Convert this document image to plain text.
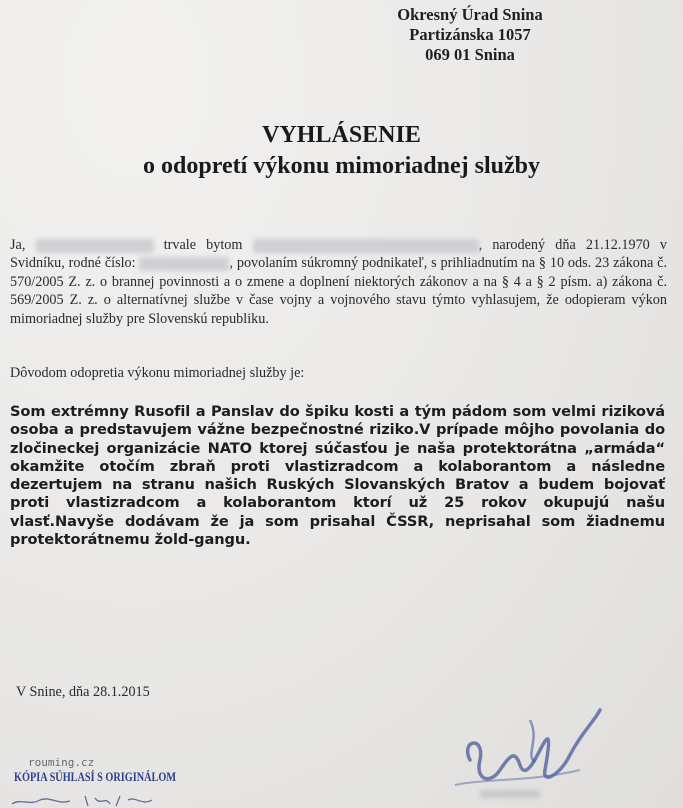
Okresný Úrad Snina
Partizánska 1057
069 01 Snina
VYHLÁSENIE
o odopretí výkonu mimoriadnej služby
Ja,	trvale bytom	, narodený dňa 21.12.1970 v Svidníku, rodné číslo:	, povolaním súkromný podnikateľ, s prihliadnutím na § 10 ods. 23 zákona č. 570/2005 Z. z. o brannej povinnosti a o zmene a doplnení niektorých zákonov a na § 4 a § 2 písm. a) zákona č. 569/2005 Z. z. o alternatívnej službe v čase vojny a vojnového stavu týmto vyhlasujem, že odopieram výkon mimoriadnej služby pre Slovenskú republiku.
Dôvodom odopretia výkonu mimoriadnej služby je:
Som extrémny Rusofil a Panslav do špiku kosti a tým pádom som velmi riziková osoba a predstavujem vážne bezpečnostné riziko.V prípade môjho povolania do zločineckej organizácie NATO ktorej súčasťou je naša protektorátna „armáda“ okamžite otočím zbraň proti vlastizradcom a kolaborantom a následne dezertujem na stranu našich Ruských Slovanských Bratov a budem bojovať proti vlastizradcom a kolaborantom ktorí už 25 rokov okupujú našu vlasť.Navyše dodávam že ja som prisahal ČSSR, neprisahal som žiadnemu protektorátnemu žold-gangu.
V Snine, dňa 28.1.2015
rouming.cz
KÓPIA SÚHLASÍ S ORIGINÁLOM
